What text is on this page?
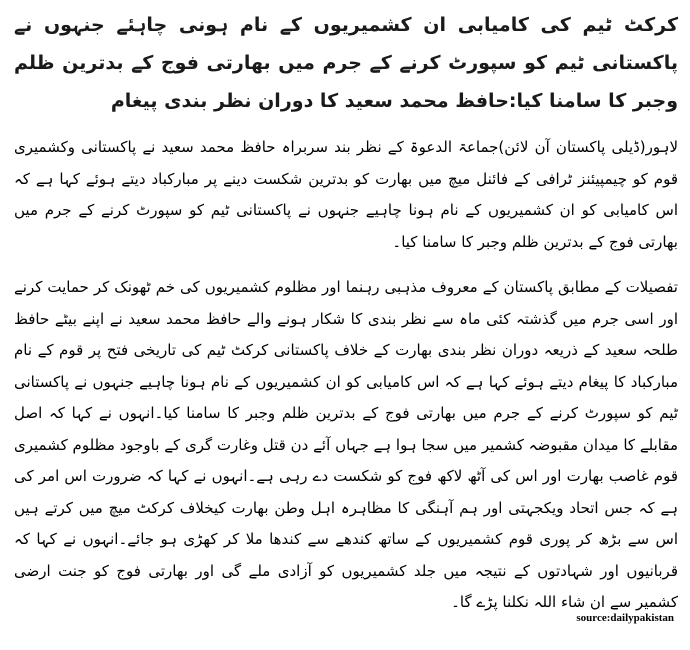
کرکٹ ٹیم کی کامیابی ان کشمیریوں کے نام ہونی چاہئے جنہوں نے پاکستانی ٹیم کو سپورٹ کرنے کے جرم میں بھارتی فوج کے بدترین ظلم وجبر کا سامنا کیا:حافظ محمد سعید کا دوران نظر بندی پیغام

لاہور(ڈیلی پاکستان آن لائن)جماعۃ الدعوۃ کے نظر بند سربراہ حافظ محمد سعید نے پاکستانی وکشمیری قوم کو چیمپیئنز ٹرافی کے فائنل میچ میں بھارت کو بدترین شکست دینے پر مبارکباد دیتے ہوئے کہا ہے کہ اس کامیابی کو ان کشمیریوں کے نام ہونا چاہیے جنہوں نے پاکستانی ٹیم کو سپورٹ کرنے کے جرم میں بھارتی فوج کے بدترین ظلم وجبر کا سامنا کیا۔

تفصیلات کے مطابق پاکستان کے معروف مذہبی رہنما اور مظلوم کشمیریوں کی خم ٹھونک کر حمایت کرنے اور اسی جرم میں گذشتہ کئی ماہ سے نظر بندی کا شکار ہونے والے حافظ محمد سعید نے اپنے بیٹے حافظ طلحہ سعید کے ذریعہ دوران نظر بندی بھارت کے خلاف پاکستانی کرکٹ ٹیم کی تاریخی فتح پر قوم کے نام مبارکباد کا پیغام دیتے ہوئے کہا ہے کہ اس کامیابی کو ان کشمیریوں کے نام ہونا چاہیے جنہوں نے پاکستانی ٹیم کو سپورٹ کرنے کے جرم میں بھارتی فوج کے بدترین ظلم وجبر کا سامنا کیا۔انہوں نے کہا کہ اصل مقابلے کا میدان مقبوضہ کشمیر میں سجا ہوا ہے جہاں آئے دن قتل وغارت گری کے باوجود مظلوم کشمیری قوم غاصب بھارت اور اس کی آٹھ لاکھ فوج کو شکست دے رہی ہے۔انہوں نے کہا کہ ضرورت اس امر کی ہے کہ جس اتحاد ویکجہتی اور ہم آہنگی کا مظاہرہ اہل وطن بھارت کیخلاف کرکٹ میچ میں کرتے ہیں اس سے بڑھ کر پوری قوم کشمیریوں کے ساتھ کندھے سے کندھا ملا کر کھڑی ہو جائے۔انہوں نے کہا کہ قربانیوں اور شہادتوں کے نتیجہ میں جلد کشمیریوں کو آزادی ملے گی اور بھارتی فوج کو جنت ارضی کشمیر سے ان شاء اللہ نکلنا پڑے گا۔

source:dailypakistan
